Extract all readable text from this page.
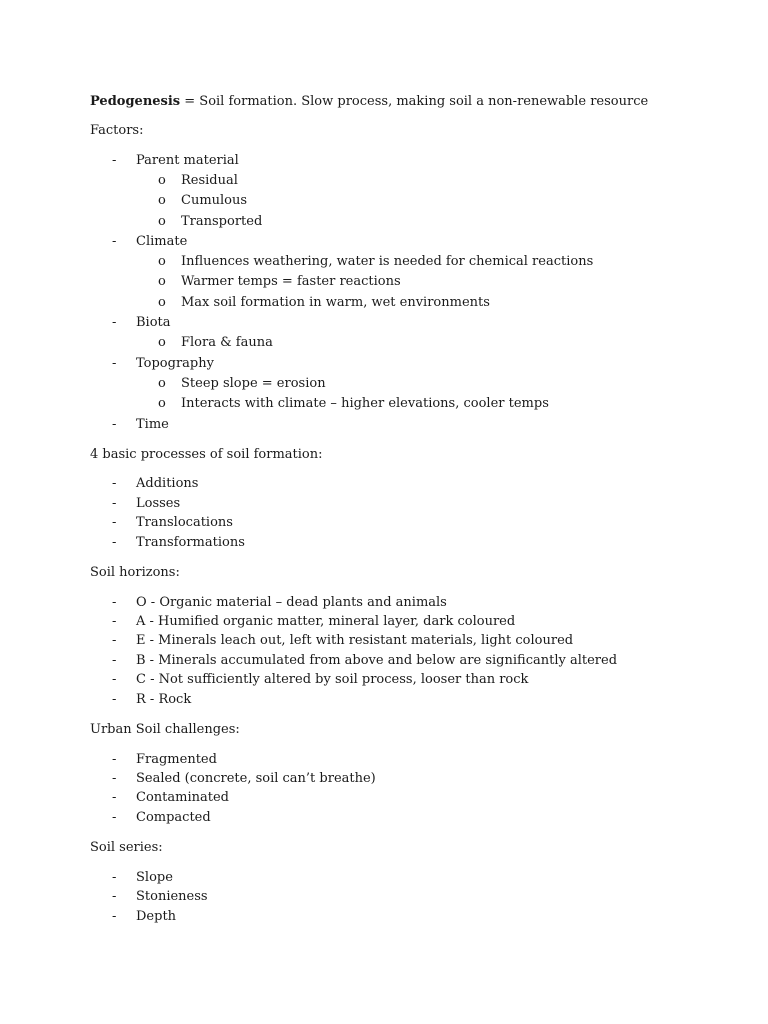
Pedogenesis = Soil formation. Slow process, making soil a non-renewable resource
Factors:
- Parent material
o Residual
o Cumulous
o Transported
- Climate
o Influences weathering, water is needed for chemical reactions
o Warmer temps = faster reactions
o Max soil formation in warm, wet environments
- Biota
o Flora & fauna
- Topography
o Steep slope = erosion
o Interacts with climate – higher elevations, cooler temps
- Time
4 basic processes of soil formation:
- Additions
- Losses
- Translocations
- Transformations
Soil horizons:
- O - Organic material – dead plants and animals
- A - Humified organic matter, mineral layer, dark coloured
- E - Minerals leach out, left with resistant materials, light coloured
- B - Minerals accumulated from above and below are significantly altered
- C - Not sufficiently altered by soil process, looser than rock
- R - Rock
Urban Soil challenges:
- Fragmented
- Sealed (concrete, soil can’t breathe)
- Contaminated
- Compacted
Soil series:
- Slope
- Stonieness
- Depth
